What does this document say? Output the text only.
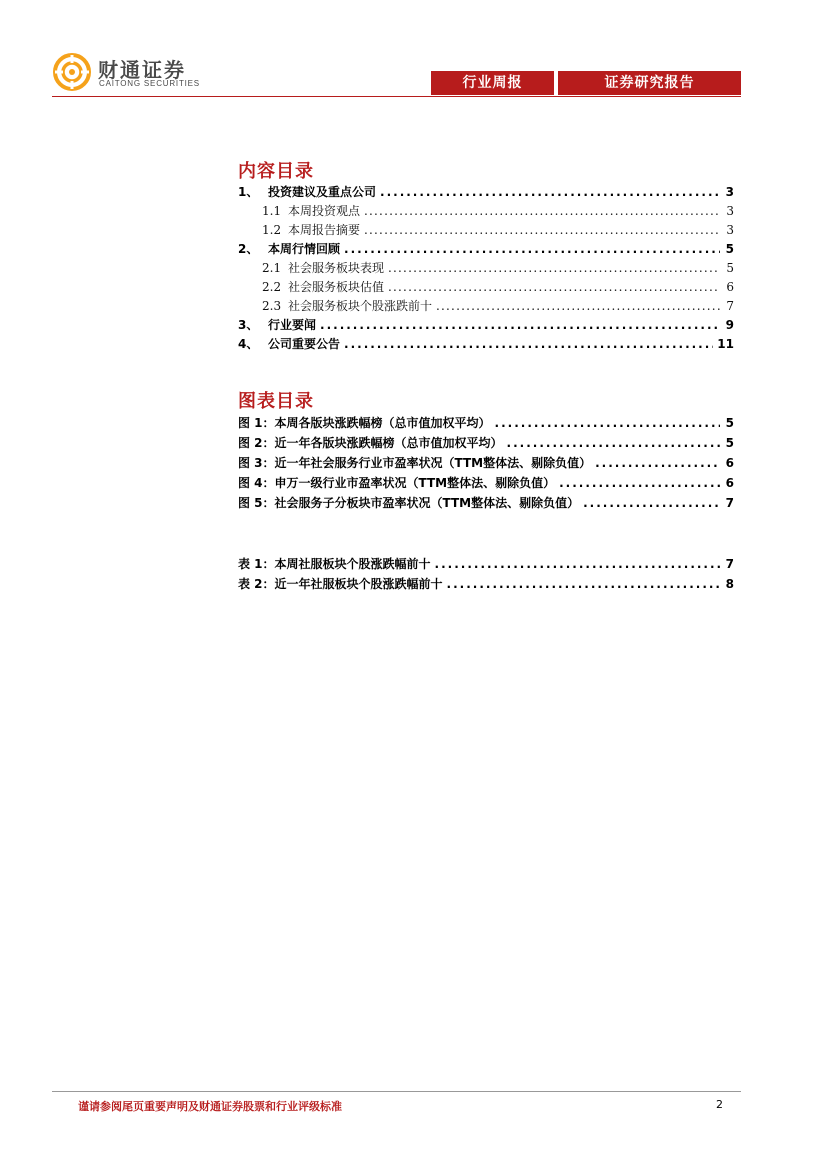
财通证券
CAITONG SECURITIES	行业周报	证券研究报告
内容目录
1、 投资建议及重点公司 .....	3
1.1 本周投资观点 .....	3
1.2 本周报告摘要 .....	3
2、 本周行情回顾 .....	5
2.1 社会服务板块表现 .....	5
2.2 社会服务板块估值 .....	6
2.3 社会服务板块个股涨跌前十 .....	7
3、 行业要闻 .....	9
4、 公司重要公告 .....	11
图表目录
图 1：本周各版块涨跌幅榜（总市值加权平均） .....	5
图 2：近一年各版块涨跌幅榜（总市值加权平均） .....	5
图 3：近一年社会服务行业市盈率状况（TTM整体法、剔除负值） .....	6
图 4：申万一级行业市盈率状况（TTM整体法、剔除负值） .....	6
图 5：社会服务子分板块市盈率状况（TTM整体法、剔除负值） .....	7
表 1：本周社服板块个股涨跌幅前十 .....	7
表 2：近一年社服板块个股涨跌幅前十 .....	8
谨请参阅尾页重要声明及财通证券股票和行业评级标准	2
